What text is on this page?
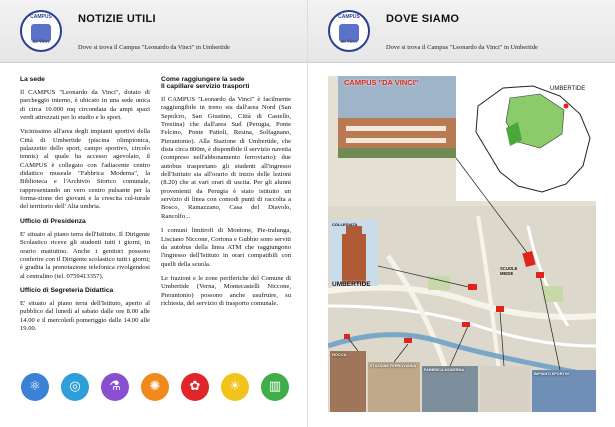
CAMPUS
da Vinci
NOTIZIE UTILI
Dove si trova il Campus "Leonardo da Vinci" in Umbertide
La sede

Il CAMPUS "Leonardo da Vinci", dotato di parcheggio interno, è ubicato in una sede unica di circa 10.000 mq circondata da ampi spazi verdi attrezzati per lo studio e lo sport.

Vicinissimo all'area degli impianti sportivi della Città di Umbertide (piscina olimpionica, palazzetto dello sport, campo sportivo, circolo tennis) al quale ha accesso agevolato, il CAMPUS è collegato con l'adiacente centro didattico museale "Fabbrica Moderna", la Biblioteca e l'Archivio Storico comunale, rappresentando un vero centro pulsante per la forma-zione dei giovani e la crescita cul-turale del territorio dell' Alta umbria.

Ufficio di Presidenza

E' situato al piano terra dell'Istituto. Il Dirigente Scolastico riceve gli studenti tutti i giorni, in orario mattutino. Anche i genitori possono conferire con il Dirigente scolastico tutti i giorni; è gradita la prenotazione telefonica rivolgendosi al centralino (tel. 0759413357).

Ufficio di Segreteria Didattica

E' situato al piano terra dell'Istituto, aperto al pubblico dal lunedì al sabato dalle ore 8.00 alle 14.00 e il mercoledì pomeriggio dalle 14.00 alle 19.00.

Come raggiungere la sede
Il capillare servizio trasporti

Il CAMPUS "Leonardo da Vinci" è facilmente raggiungibile in treno sia dall'area Nord (San Sepolcro, San Giustino, Città di Castello, Trestina) che dall'area Sud (Perugia, Ponte Felcino, Ponte Pattoli, Resina, Solfagnano, Pierantonio). Alla Stazione di Umbertide, che dista circa 800m, è disponibile il servizio navetta (compreso nell'abbonamento ferroviario): due autobus trasportano gli studenti all'ingresso dell'Istituto sia all'orario di inizio delle lezioni (8.20) che ai vari orari di uscita. Per gli alunni provenienti da Perugia è stato istituito un servizio di linea con comodi punti di raccolta a Bosco, Ramazzano, Casa del Diavolo, Rancolfo...

I comuni limitrofi di Montone, Pie-tralunga, Lisciano Niccone, Cortona e Gubbio sono serviti da autobus della linea ATM che raggiungono l'ingresso dell'Istituto in orari compatibili con quelli della scuola.

Le frazioni e le zone periferiche del Comune di Umbertide (Verna, Montecastelli Niccone, Pierantonio) possono anche usufruire, su richiesta, del servizio di trasporto comunale.

⚛	◎	⚗	✺	✿	☀	▥
CAMPUS
da Vinci
DOVE SIAMO
Dove si trova il Campus "Leonardo da Vinci" in Umbertide
CAMPUS "DA VINCI"
UMBERTIDE
UMBERTIDE
COLLEGIATA
SCUOLE MEDIE
ROCCA
STAZIONE FERROVIARIA
FABBRICA MODERNA
IMPIANTI SPORTIVI
